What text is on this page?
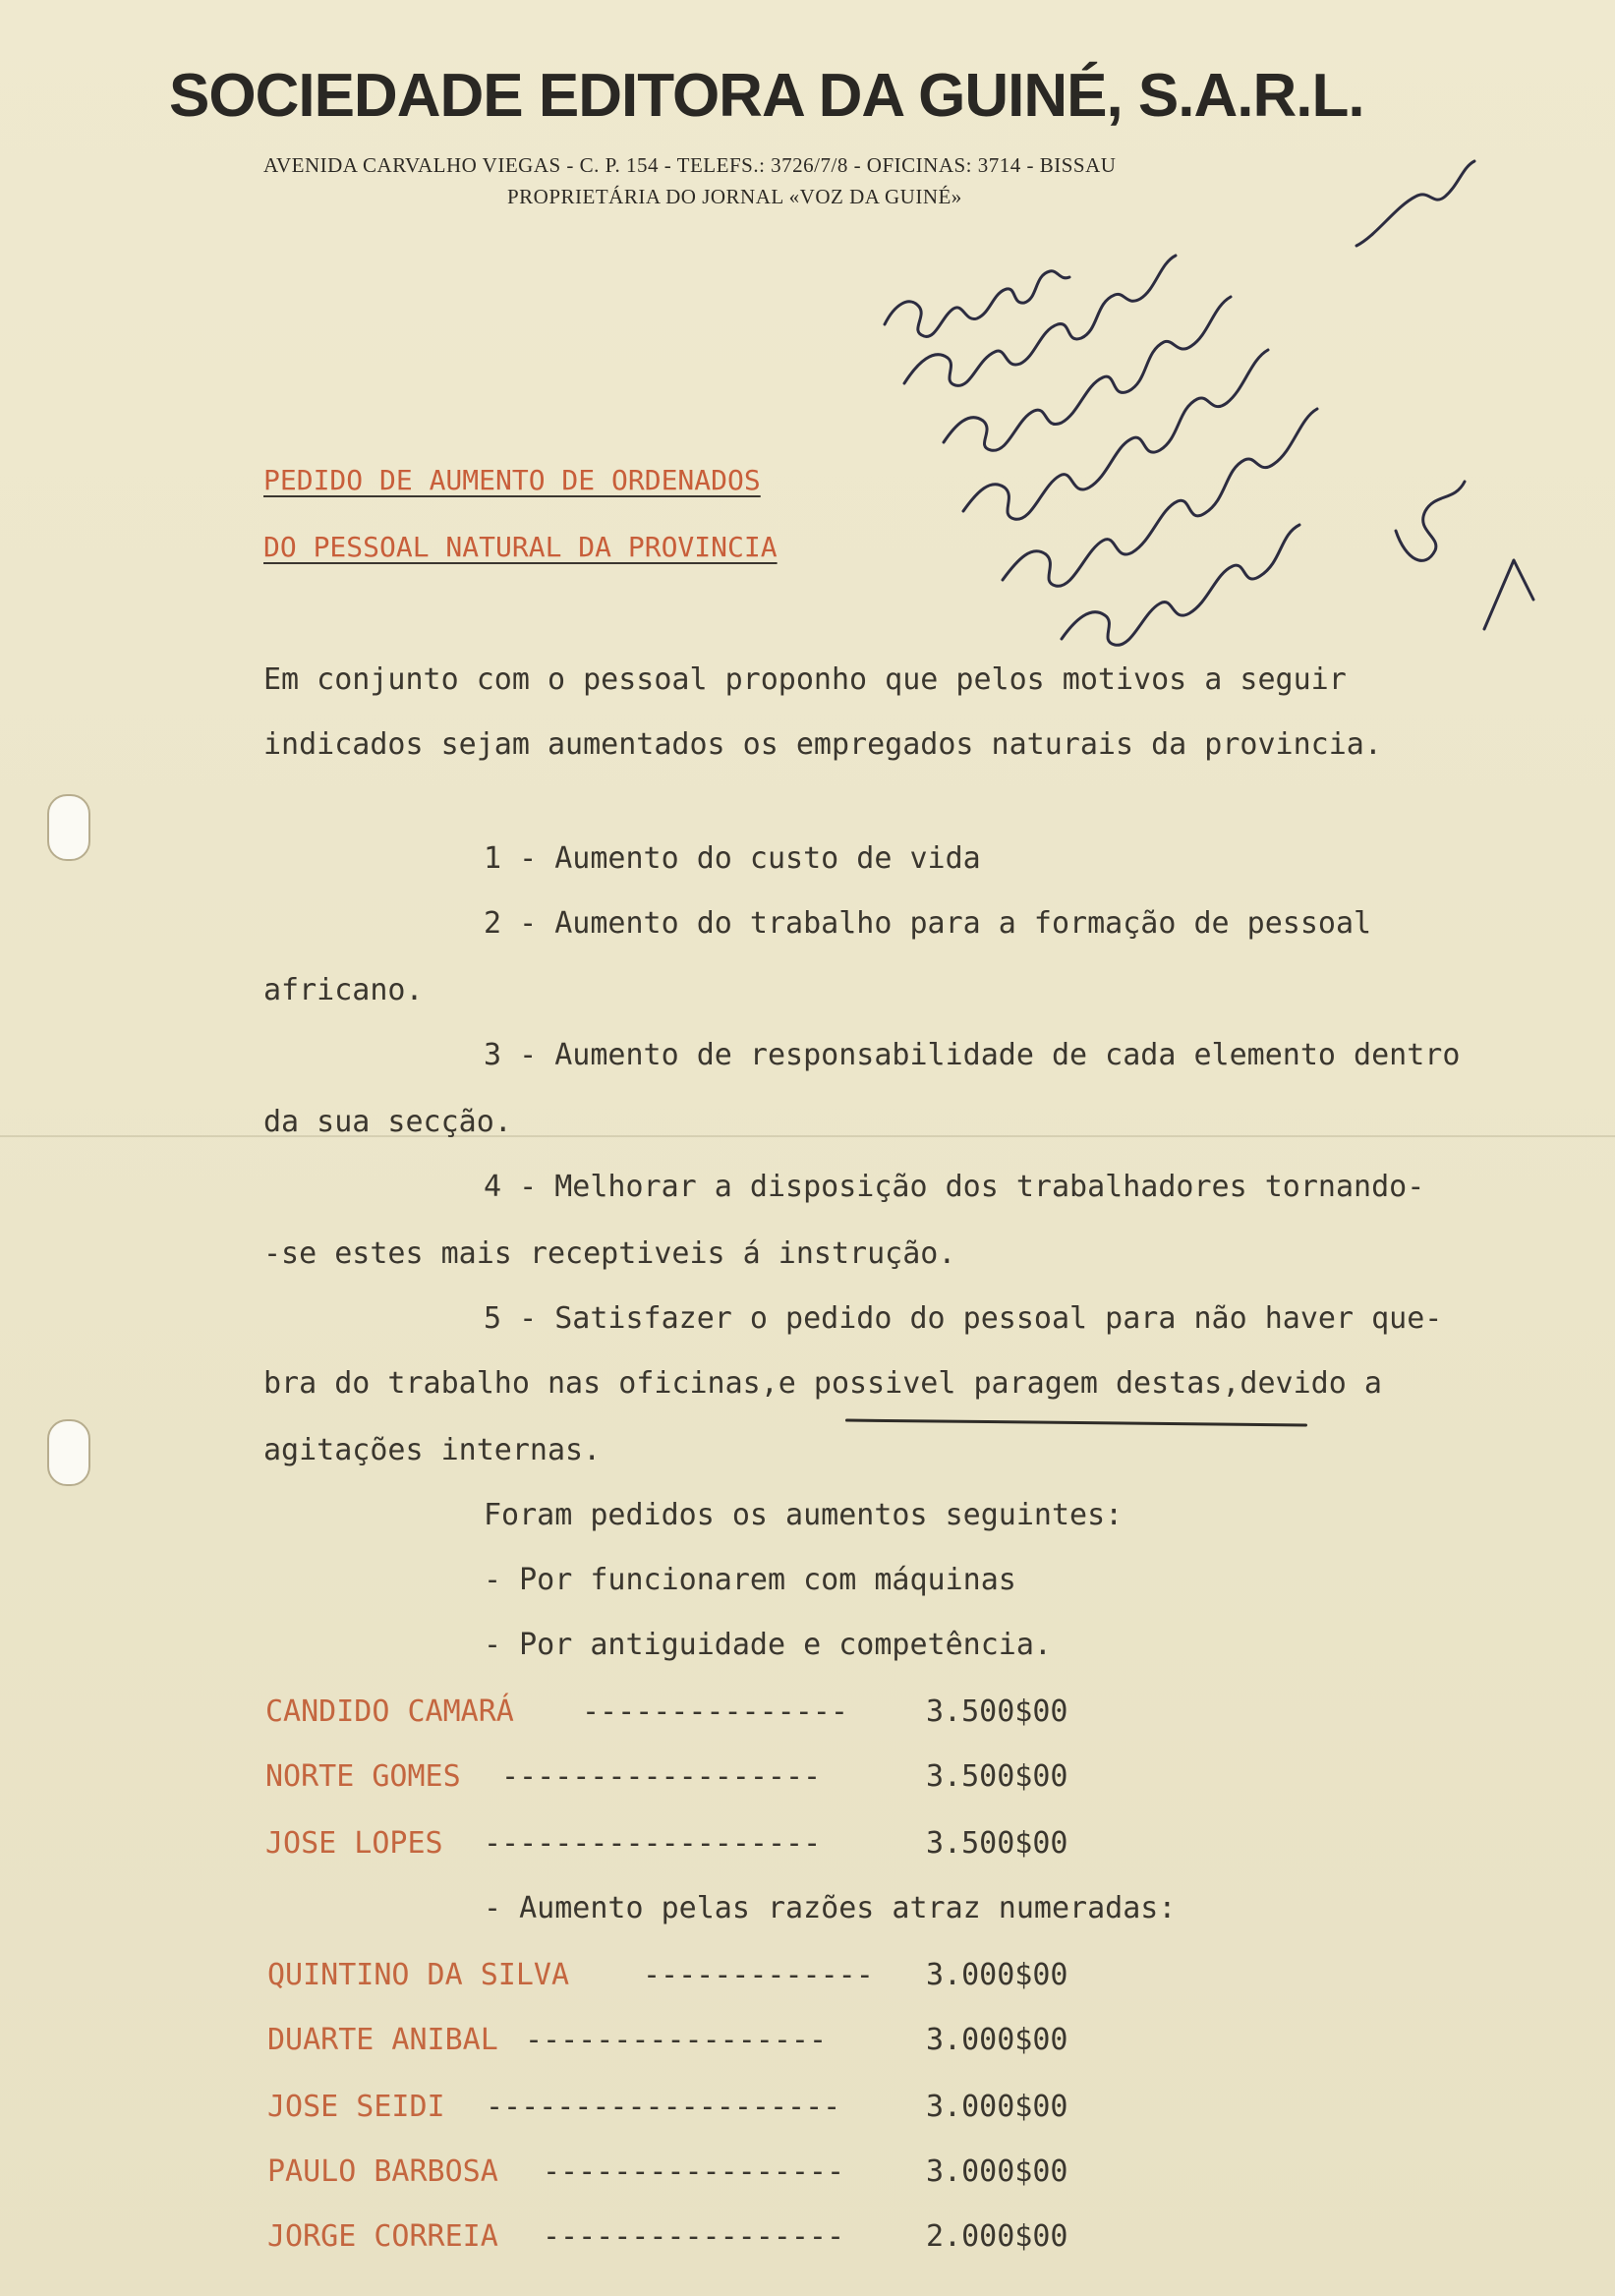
SOCIEDADE EDITORA DA GUINÉ, S.A.R.L.
AVENIDA CARVALHO VIEGAS - C. P. 154 - TELEFS.: 3726/7/8 - OFICINAS: 3714 - BISSAU
PROPRIETÁRIA DO JORNAL «VOZ DA GUINÉ»
PEDIDO DE AUMENTO DE ORDENADOS
DO PESSOAL NATURAL DA PROVINCIA
Em conjunto com o pessoal proponho que pelos motivos a seguir
indicados sejam aumentados os empregados naturais da provincia.
1 - Aumento do custo de vida
2 - Aumento do trabalho para a formação de pessoal
africano.
3 - Aumento de responsabilidade de cada elemento dentro
da sua secção.
4 - Melhorar a disposição dos trabalhadores tornando-
-se estes mais receptiveis á instrução.
5 - Satisfazer o pedido do pessoal para não haver que-
bra do trabalho nas oficinas,e possivel paragem destas,devido a
agitações internas.
Foram pedidos os aumentos seguintes:
- Por funcionarem com máquinas
- Por antiguidade e competência.
CANDIDO CAMARÁ ---------------	3.500$00
NORTE GOMES ------------------	3.500$00
JOSE LOPES -------------------	3.500$00
- Aumento pelas razões atraz numeradas:
QUINTINO DA SILVA ------------- 3.000$00
DUARTE ANIBAL -----------------	3.000$00
JOSE SEIDI --------------------	3.000$00
PAULO BARBOSA -----------------	3.000$00
JORGE CORREIA -----------------	2.000$00
